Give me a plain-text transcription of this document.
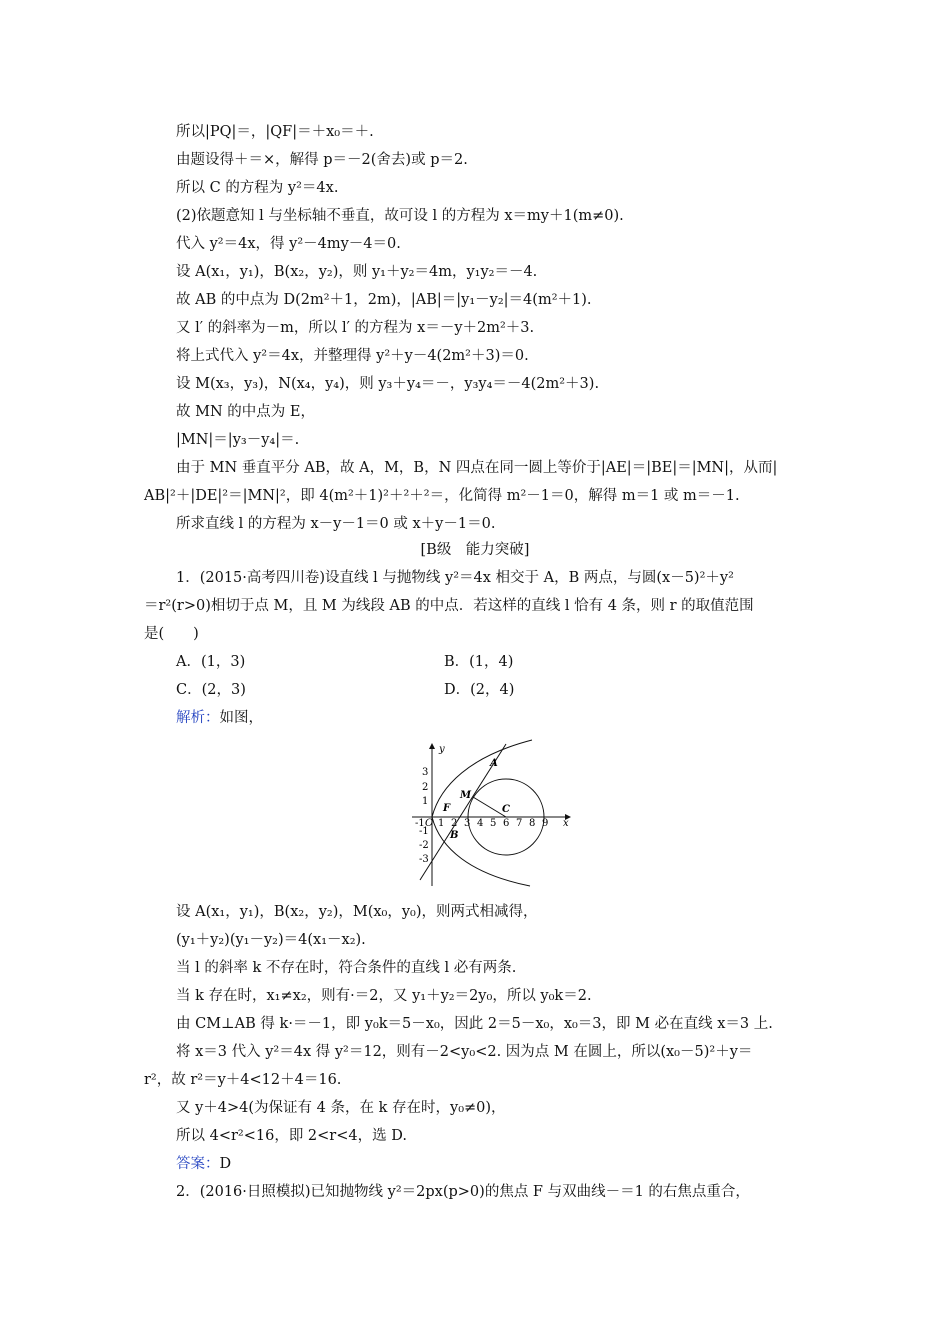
所以|PQ|＝，|QF|＝＋x₀＝＋.
由题设得＋＝×，解得 p＝－2(舍去)或 p＝2.
所以 C 的方程为 y²＝4x.
(2)依题意知 l 与坐标轴不垂直，故可设 l 的方程为 x＝my＋1(m≠0).
代入 y²＝4x，得 y²－4my－4＝0.
设 A(x₁，y₁)，B(x₂，y₂)，则 y₁＋y₂＝4m，y₁y₂＝－4.
故 AB 的中点为 D(2m²＋1，2m)，|AB|＝|y₁－y₂|＝4(m²＋1).
又 l′ 的斜率为－m，所以 l′ 的方程为 x＝－y＋2m²＋3.
将上式代入 y²＝4x，并整理得 y²＋y－4(2m²＋3)＝0.
设 M(x₃，y₃)，N(x₄，y₄)，则 y₃＋y₄＝－，y₃y₄＝－4(2m²＋3).
故 MN 的中点为 E，
|MN|＝|y₃－y₄|＝.
由于 MN 垂直平分 AB，故 A，M，B，N 四点在同一圆上等价于|AE|＝|BE|＝|MN|，从而|
AB|²＋|DE|²＝|MN|²，即 4(m²＋1)²＋²＋²＝，化简得 m²－1＝0，解得 m＝1 或 m＝－1.
所求直线 l 的方程为 x－y－1＝0 或 x＋y－1＝0.
[B级　能力突破]
1．(2015·高考四川卷)设直线 l 与抛物线 y²＝4x 相交于 A，B 两点，与圆(x－5)²＋y²
＝r²(r>0)相切于点 M，且 M 为线段 AB 的中点．若这样的直线 l 恰有 4 条，则 r 的取值范围
是(　　)
A．(1，3)	B．(1，4)
C．(2，3)	D．(2，4)
解析：如图，
y
x
-1 O 1 2 3 4 5 6 7 8 9
3
2
1
-1
-2
-3
A
M
F	C
B
设 A(x₁，y₁)，B(x₂，y₂)，M(x₀，y₀)，则两式相减得，
(y₁＋y₂)(y₁－y₂)＝4(x₁－x₂).
当 l 的斜率 k 不存在时，符合条件的直线 l 必有两条.
当 k 存在时，x₁≠x₂，则有·＝2，又 y₁＋y₂＝2y₀，所以 y₀k＝2.
由 CM⊥AB 得 k·＝－1，即 y₀k＝5－x₀，因此 2＝5－x₀，x₀＝3，即 M 必在直线 x＝3 上.
将 x＝3 代入 y²＝4x 得 y²＝12，则有－2<y₀<2. 因为点 M 在圆上，所以(x₀－5)²＋y＝
r²，故 r²＝y＋4<12＋4＝16.
又 y＋4>4(为保证有 4 条，在 k 存在时，y₀≠0)，
所以 4<r²<16，即 2<r<4，选 D.
答案：D
2．(2016·日照模拟)已知抛物线 y²＝2px(p>0)的焦点 F 与双曲线－＝1 的右焦点重合，
